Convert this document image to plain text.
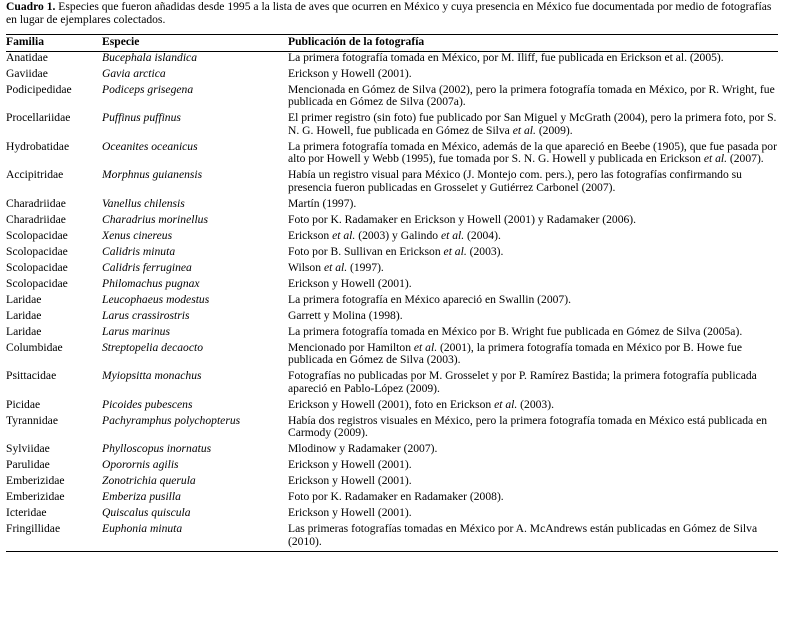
Cuadro 1. Especies que fueron añadidas desde 1995 a la lista de aves que ocurren en México y cuya presencia en México fue documentada por medio de fotografías en lugar de ejemplares colectados.
Familia	Especie	Publicación de la fotografía
Anatidae	Bucephala islandica	La primera fotografía tomada en México, por M. Iliff, fue publicada en Erickson et al. (2005).
Gaviidae	Gavia arctica	Erickson y Howell (2001).
Podicipedidae	Podiceps grisegena	Mencionada en Gómez de Silva (2002), pero la primera fotografía tomada en México, por R. Wright, fue publicada en Gómez de Silva (2007a).
Procellariidae	Puffinus puffinus	El primer registro (sin foto) fue publicado por San Miguel y McGrath (2004), pero la primera foto, por S. N. G. Howell, fue publicada en Gómez de Silva et al. (2009).
Hydrobatidae	Oceanites oceanicus	La primera fotografía tomada en México, además de la que apareció en Beebe (1905), que fue pasada por alto por Howell y Webb (1995), fue tomada por S. N. G. Howell y publicada en Erickson et al. (2007).
Accipitridae	Morphnus guianensis	Había un registro visual para México (J. Montejo com. pers.), pero las fotografías confirmando su presencia fueron publicadas en Grosselet y Gutiérrez Carbonel (2007).
Charadriidae	Vanellus chilensis	Martín (1997).
Charadriidae	Charadrius morinellus	Foto por K. Radamaker en Erickson y Howell (2001) y Radamaker (2006).
Scolopacidae	Xenus cinereus	Erickson et al. (2003) y Galindo et al. (2004).
Scolopacidae	Calidris minuta	Foto por B. Sullivan en Erickson et al. (2003).
Scolopacidae	Calidris ferruginea	Wilson et al. (1997).
Scolopacidae	Philomachus pugnax	Erickson y Howell (2001).
Laridae	Leucophaeus modestus	La primera fotografía en México apareció en Swallin (2007).
Laridae	Larus crassirostris	Garrett y Molina (1998).
Laridae	Larus marinus	La primera fotografía tomada en México por B. Wright fue publicada en Gómez de Silva (2005a).
Columbidae	Streptopelia decaocto	Mencionado por Hamilton et al. (2001), la primera fotografía tomada en México por B. Howe fue publicada en Gómez de Silva (2003).
Psittacidae	Myiopsitta monachus	Fotografías no publicadas por M. Grosselet y por P. Ramírez Bastida; la primera fotografía publicada apareció en Pablo-López (2009).
Picidae	Picoides pubescens	Erickson y Howell (2001), foto en Erickson et al. (2003).
Tyrannidae	Pachyramphus polychopterus	Había dos registros visuales en México, pero la primera fotografía tomada en México está publicada en Carmody (2009).
Sylviidae	Phylloscopus inornatus	Mlodinow y Radamaker (2007).
Parulidae	Oporornis agilis	Erickson y Howell (2001).
Emberizidae	Zonotrichia querula	Erickson y Howell (2001).
Emberizidae	Emberiza pusilla	Foto por K. Radamaker en Radamaker (2008).
Icteridae	Quiscalus quiscula	Erickson y Howell (2001).
Fringillidae	Euphonia minuta	Las primeras fotografías tomadas en México por A. McAndrews están publicadas en Gómez de Silva (2010).
